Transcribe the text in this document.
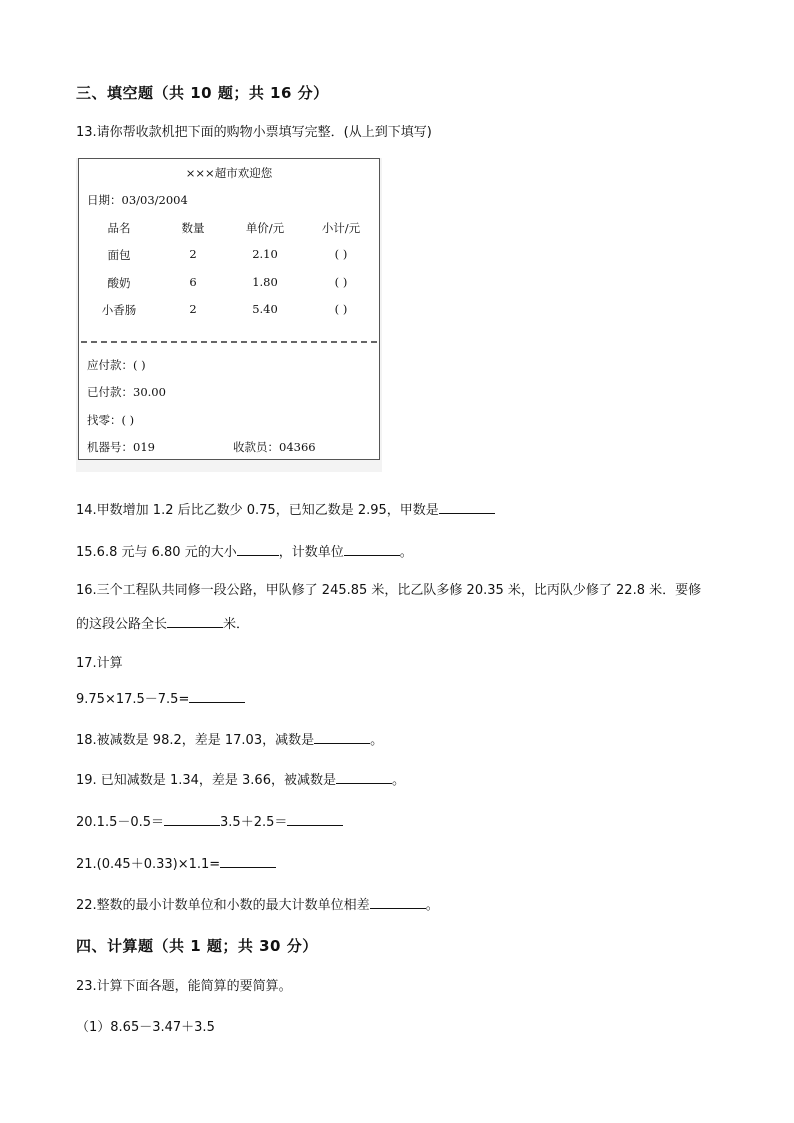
三、填空题（共 10 题；共 16 分）
13.请你帮收款机把下面的购物小票填写完整．(从上到下填写)
×××超市欢迎您
日期：03/03/2004
品名	数量	单价/元	小计/元
面包	2	2.10	( )
酸奶	6	1.80	( )
小香肠	2	5.40	( )
应付款：( )
已付款：30.00
找零：( )
机器号：019	收款员：04366
14.甲数增加 1.2 后比乙数少 0.75，已知乙数是 2.95，甲数是
15.6.8 元与 6.80 元的大小	，计数单位	。
16.三个工程队共同修一段公路，甲队修了 245.85 米，比乙队多修 20.35 米，比丙队少修了 22.8 米．要修
的这段公路全长	米．
17.计算
9.75×17.5－7.5=
18.被减数是 98.2，差是 17.03，减数是	。
19. 已知减数是 1.34，差是 3.66，被减数是	。
20.1.5－0.5＝	3.5＋2.5＝
21.(0.45＋0.33)×1.1=
22.整数的最小计数单位和小数的最大计数单位相差	。
四、计算题（共 1 题；共 30 分）
23.计算下面各题，能简算的要简算。
（1）8.65－3.47＋3.5
